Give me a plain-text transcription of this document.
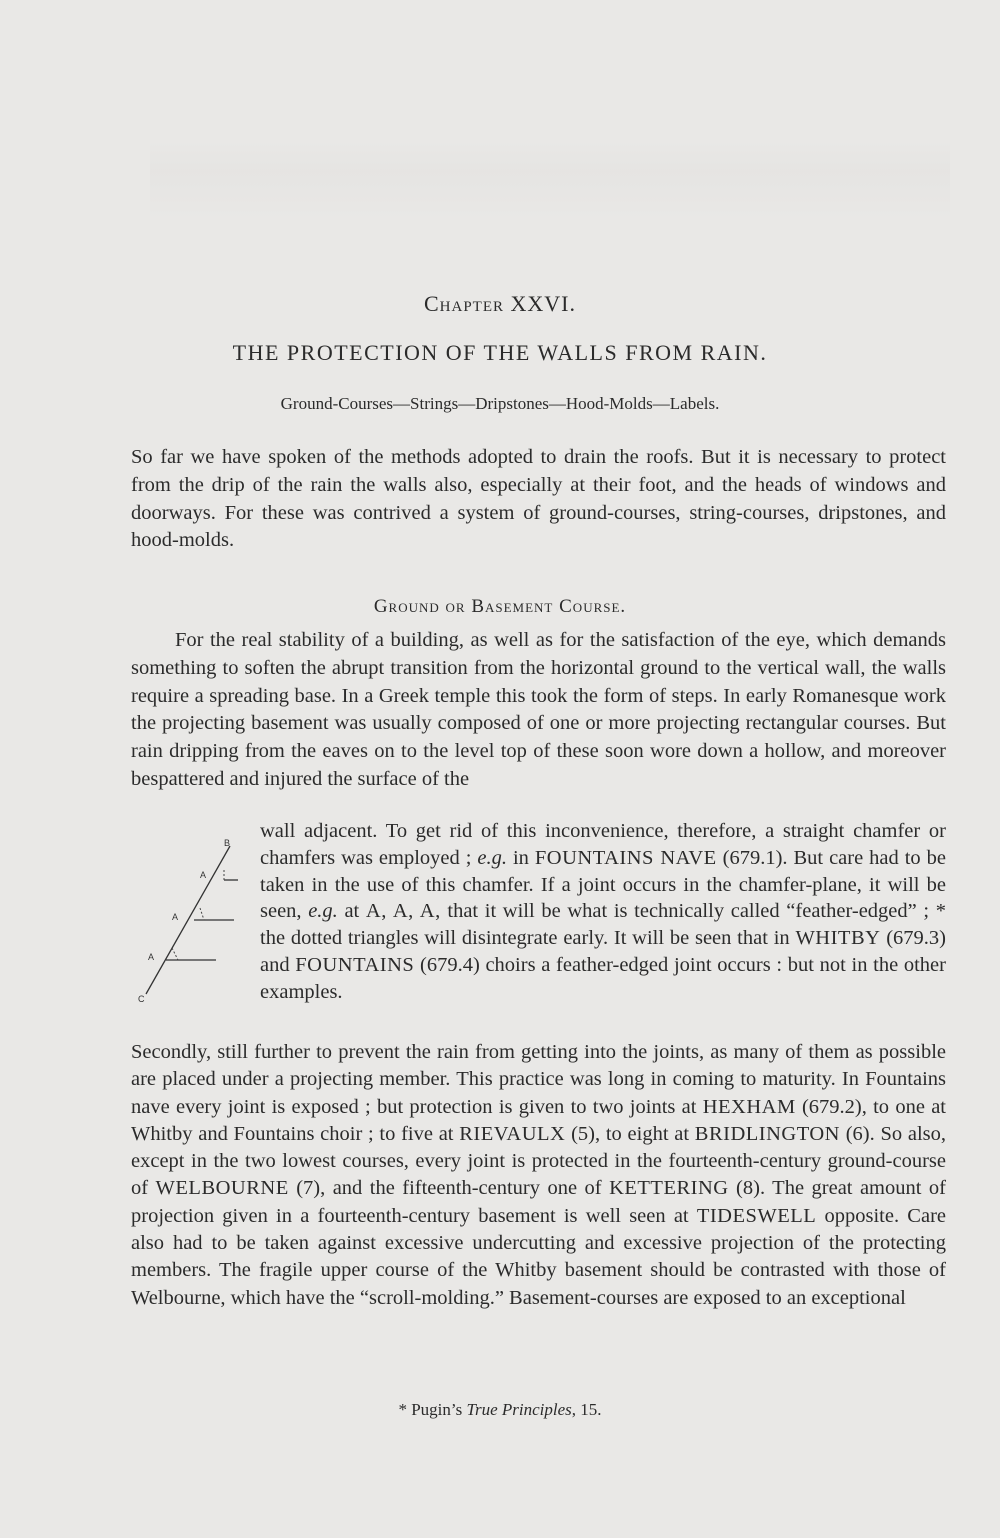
Chapter XXVI.
THE PROTECTION OF THE WALLS FROM RAIN.
Ground-Courses—Strings—Dripstones—Hood-Molds—Labels.

So far we have spoken of the methods adopted to drain the roofs. But it is necessary to protect from the drip of the rain the walls also, especially at their foot, and the heads of windows and doorways. For these was contrived a system of ground-courses, string-courses, dripstones, and hood-molds.

Ground or Basement Course.

For the real stability of a building, as well as for the satisfaction of the eye, which demands something to soften the abrupt transition from the horizontal ground to the vertical wall, the walls require a spreading base. In a Greek temple this took the form of steps. In early Romanesque work the projecting basement was usually composed of one or more projecting rectangular courses. But rain dripping from the eaves on to the level top of these soon wore down a hollow, and moreover bespattered and injured the surface of the

B
A
A
A
C

wall adjacent. To get rid of this inconvenience, therefore, a straight chamfer or chamfers was employed ; e.g. in FOUNTAINS NAVE (679.1). But care had to be taken in the use of this chamfer. If a joint occurs in the chamfer-plane, it will be seen, e.g. at A, A, A, that it will be what is technically called “feather-edged” ; * the dotted triangles will disintegrate early. It will be seen that in WHITBY (679.3) and FOUNTAINS (679.4) choirs a feather-edged joint occurs : but not in the other examples.

Secondly, still further to prevent the rain from getting into the joints, as many of them as possible are placed under a projecting member. This practice was long in coming to maturity. In Fountains nave every joint is exposed ; but protection is given to two joints at HEXHAM (679.2), to one at Whitby and Fountains choir ; to five at RIEVAULX (5), to eight at BRIDLINGTON (6). So also, except in the two lowest courses, every joint is protected in the fourteenth-century ground-course of WELBOURNE (7), and the fifteenth-century one of KETTERING (8). The great amount of projection given in a fourteenth-century basement is well seen at TIDESWELL opposite. Care also had to be taken against excessive undercutting and excessive projection of the protecting members. The fragile upper course of the Whitby basement should be contrasted with those of Welbourne, which have the “scroll-molding.” Basement-courses are exposed to an exceptional

* Pugin’s True Principles, 15.
